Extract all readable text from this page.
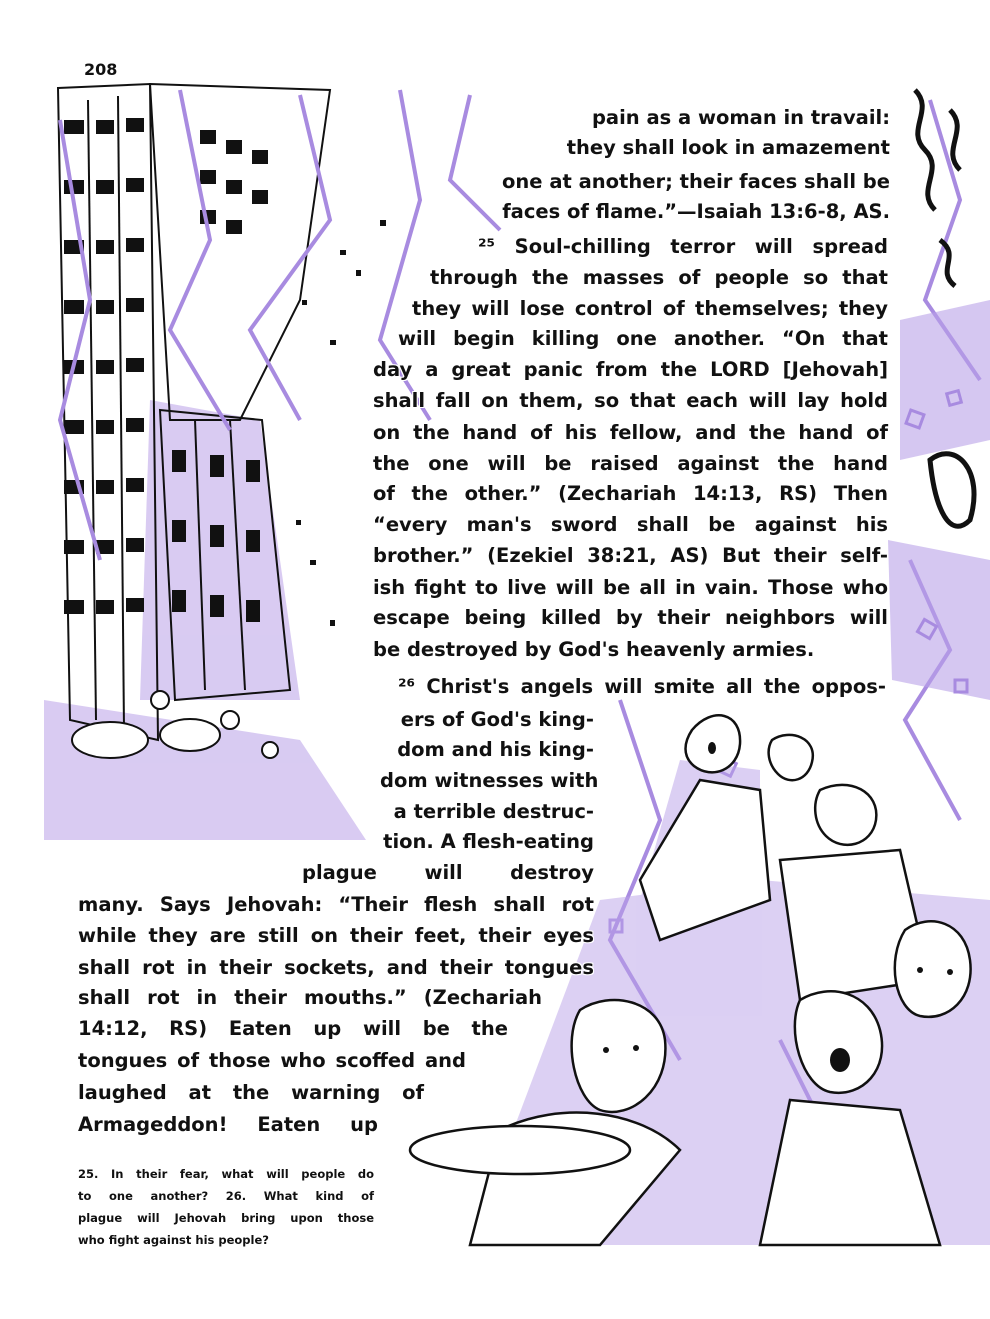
208
pain as a woman in travail:
they shall look in amazement
one at another; their faces shall be
faces of flame.”—Isaiah 13:6-8, AS.
²⁵ Soul-chilling terror will spread
through the masses of people so that
they will lose control of themselves; they
will begin killing one another. “On that
day a great panic from the LORD [Jehovah]
shall fall on them, so that each will lay hold
on the hand of his fellow, and the hand of
the one will be raised against the hand
of the other.” (Zechariah 14:13, RS) Then
“every man's sword shall be against his
brother.” (Ezekiel 38:21, AS) But their self-
ish fight to live will be all in vain. Those who
escape being killed by their neighbors will
be destroyed by God's heavenly armies.
²⁶ Christ's angels will smite all the oppos-
ers of God's king-
dom and his king-
dom witnesses with
a terrible destruc-
tion. A flesh-eating
plague will destroy
many. Says Jehovah: “Their flesh shall rot
while they are still on their feet, their eyes
shall rot in their sockets, and their tongues
shall rot in their mouths.” (Zechariah
14:12, RS) Eaten up will be the
tongues of those who scoffed and
laughed at the warning of
Armageddon! Eaten up
25. In their fear, what will people do
to one another? 26. What kind of
plague will Jehovah bring upon those
who fight against his people?
